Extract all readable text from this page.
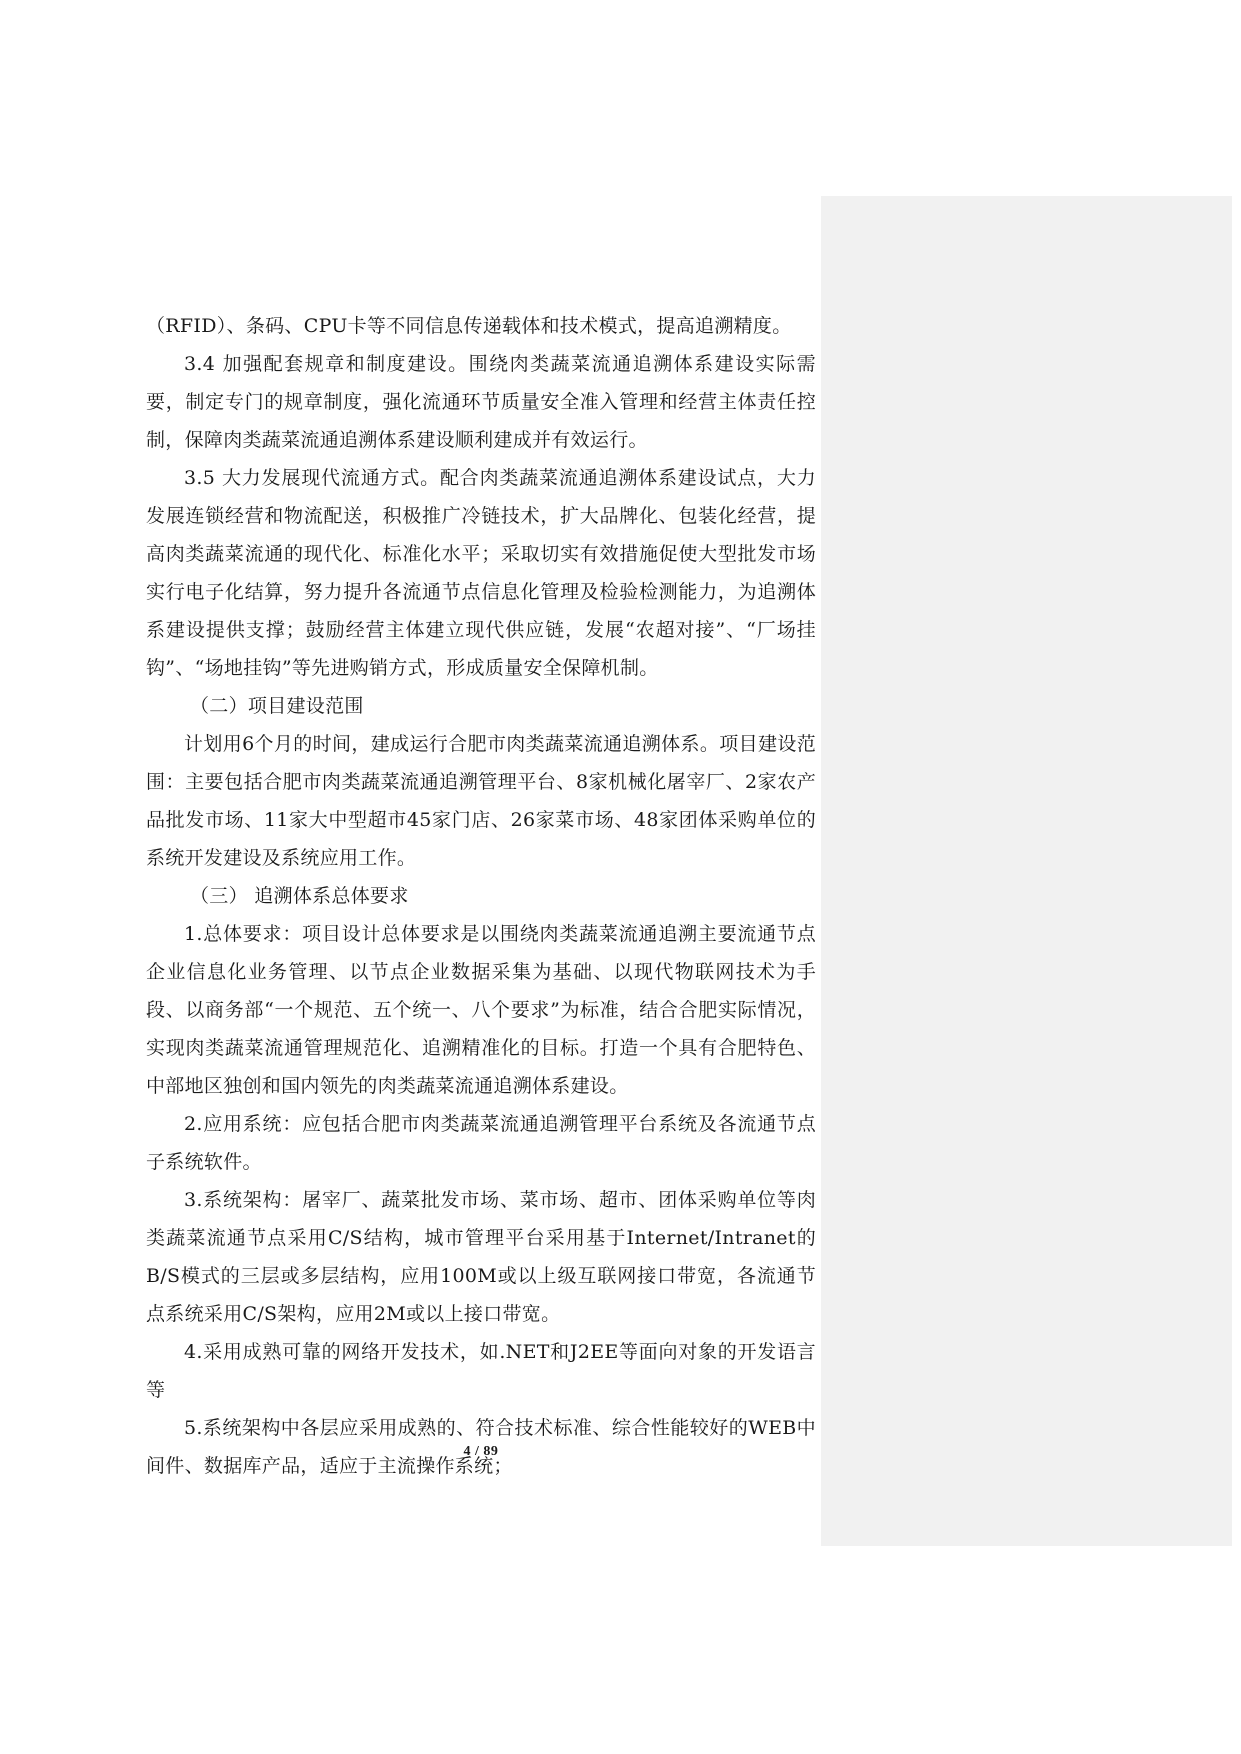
（RFID）、条码、CPU卡等不同信息传递载体和技术模式，提高追溯精度。

3.4 加强配套规章和制度建设。围绕肉类蔬菜流通追溯体系建设实际需要，制定专门的规章制度，强化流通环节质量安全准入管理和经营主体责任控制，保障肉类蔬菜流通追溯体系建设顺利建成并有效运行。

3.5 大力发展现代流通方式。配合肉类蔬菜流通追溯体系建设试点，大力发展连锁经营和物流配送，积极推广冷链技术，扩大品牌化、包装化经营，提高肉类蔬菜流通的现代化、标准化水平；采取切实有效措施促使大型批发市场实行电子化结算，努力提升各流通节点信息化管理及检验检测能力，为追溯体系建设提供支撑；鼓励经营主体建立现代供应链，发展“农超对接”、“厂场挂钩”、“场地挂钩”等先进购销方式，形成质量安全保障机制。

（二）项目建设范围

计划用6个月的时间，建成运行合肥市肉类蔬菜流通追溯体系。项目建设范围：主要包括合肥市肉类蔬菜流通追溯管理平台、8家机械化屠宰厂、2家农产品批发市场、11家大中型超市45家门店、26家菜市场、48家团体采购单位的系统开发建设及系统应用工作。

（三） 追溯体系总体要求

1.总体要求：项目设计总体要求是以围绕肉类蔬菜流通追溯主要流通节点企业信息化业务管理、以节点企业数据采集为基础、以现代物联网技术为手段、以商务部“一个规范、五个统一、八个要求”为标准，结合合肥实际情况，实现肉类蔬菜流通管理规范化、追溯精准化的目标。打造一个具有合肥特色、中部地区独创和国内领先的肉类蔬菜流通追溯体系建设。

2.应用系统：应包括合肥市肉类蔬菜流通追溯管理平台系统及各流通节点子系统软件。

3.系统架构：屠宰厂、蔬菜批发市场、菜市场、超市、团体采购单位等肉类蔬菜流通节点采用C/S结构，城市管理平台采用基于Internet/Intranet的B/S模式的三层或多层结构，应用100M或以上级互联网接口带宽，各流通节点系统采用C/S架构，应用2M或以上接口带宽。

4.采用成熟可靠的网络开发技术，如.NET和J2EE等面向对象的开发语言等

5.系统架构中各层应采用成熟的、符合技术标准、综合性能较好的WEB中间件、数据库产品，适应于主流操作系统；

4 / 89
